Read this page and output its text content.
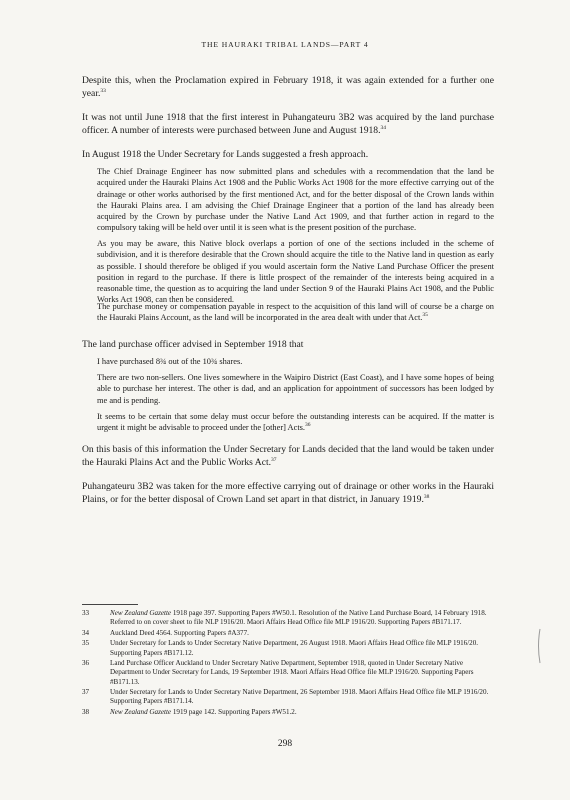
THE HAURAKI TRIBAL LANDS—PART 4

Despite this, when the Proclamation expired in February 1918, it was again extended for a further one year.$^{33}$

It was not until June 1918 that the first interest in Puhangateuru 3B2 was acquired by the land purchase officer. A number of interests were purchased between June and August 1918.34

In August 1918 the Under Secretary for Lands suggested a fresh approach.

The Chief Drainage Engineer has now submitted plans and schedules with a recommendation that the land be acquired under the Hauraki Plains Act 1908 and the Public Works Act 1908 for the more effective carrying out of the drainage or other works authorised by the first mentioned Act, and for the better disposal of the Crown lands within the Hauraki Plains area. I am advising the Chief Drainage Engineer that a portion of the land has already been acquired by the Crown by purchase under the Native Land Act 1909, and that further action in regard to the compulsory taking will be held over until it is seen what is the present position of the purchase.

As you may be aware, this Native block overlaps a portion of one of the sections included in the scheme of subdivision, and it is therefore desirable that the Crown should acquire the title to the Native land in question as early as possible. I should therefore be obliged if you would ascertain form the Native Land Purchase Officer the present position in regard to the purchase. If there is little prospect of the remainder of the interests being acquired in a reasonable time, the question as to acquiring the land under Section 9 of the Hauraki Plains Act 1908, and the Public Works Act 1908, can then be considered.

The purchase money or compensation payable in respect to the acquisition of this land will of course be a charge on the Hauraki Plains Account, as the land will be incorporated in the area dealt with under that Act.$^{35}$

The land purchase officer advised in September 1918 that

I have purchased 8¾ out of the 10¾ shares.

There are two non-sellers. One lives somewhere in the Waipiro District (East Coast), and I have some hopes of being able to purchase her interest. The other is dad, and an application for appointment of successors has been lodged by me and is pending.

It seems to be certain that some delay must occur before the outstanding interests can be acquired. If the matter is urgent it might be advisable to proceed under the [other] Acts.$^{36}$

On this basis of this information the Under Secretary for Lands decided that the land would be taken under the Hauraki Plains Act and the Public Works Act.$^{37}$

Puhangateuru 3B2 was taken for the more effective carrying out of drainage or other works in the Hauraki Plains, or for the better disposal of Crown Land set apart in that district, in January 1919.38

33	New Zealand Gazette 1918 page 397. Supporting Papers #W50.1. Resolution of the Native Land Purchase Board, 14 February 1918. Referred to on cover sheet to file NLP 1916/20. Maori Affairs Head Office file MLP 1916/20. Supporting Papers #B171.17.

34	Auckland Deed 4564. Supporting Papers #A377.

35	Under Secretary for Lands to Under Secretary Native Department, 26 August 1918. Maori Affairs Head Office file MLP 1916/20. Supporting Papers #B171.12.

36	Land Purchase Officer Auckland to Under Secretary Native Department, September 1918, quoted in Under Secretary Native Department to Under Secretary for Lands, 19 September 1918. Maori Affairs Head Office file MLP 1916/20. Supporting Papers #B171.13.

37	Under Secretary for Lands to Under Secretary Native Department, 26 September 1918. Maori Affairs Head Office file MLP 1916/20. Supporting Papers #B171.14.

38	New Zealand Gazette 1919 page 142. Supporting Papers #W51.2.

298
